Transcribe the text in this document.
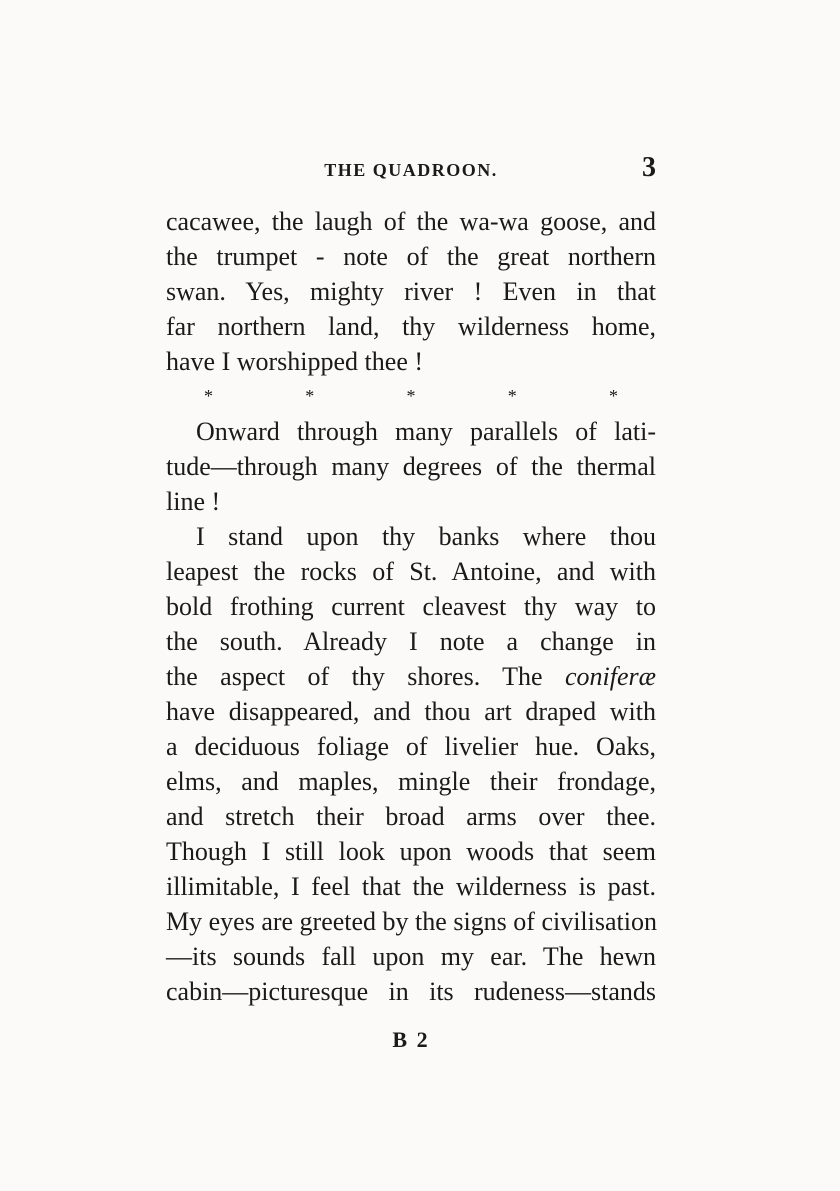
THE QUADROON.	3
cacawee, the laugh of the wa-wa goose, and
the trumpet - note of the great northern
swan. Yes, mighty river ! Even in that
far northern land, thy wilderness home,
have I worshipped thee !
*	*	*	*	*
Onward through many parallels of lati-
tude—through many degrees of the thermal
line !
I stand upon thy banks where thou
leapest the rocks of St. Antoine, and with
bold frothing current cleavest thy way to
the south. Already I note a change in
the aspect of thy shores. The coniferæ
have disappeared, and thou art draped with
a deciduous foliage of livelier hue. Oaks,
elms, and maples, mingle their frondage,
and stretch their broad arms over thee.
Though I still look upon woods that seem
illimitable, I feel that the wilderness is past.
My eyes are greeted by the signs of civilisation
—its sounds fall upon my ear. The hewn
cabin—picturesque in its rudeness—stands
B 2
